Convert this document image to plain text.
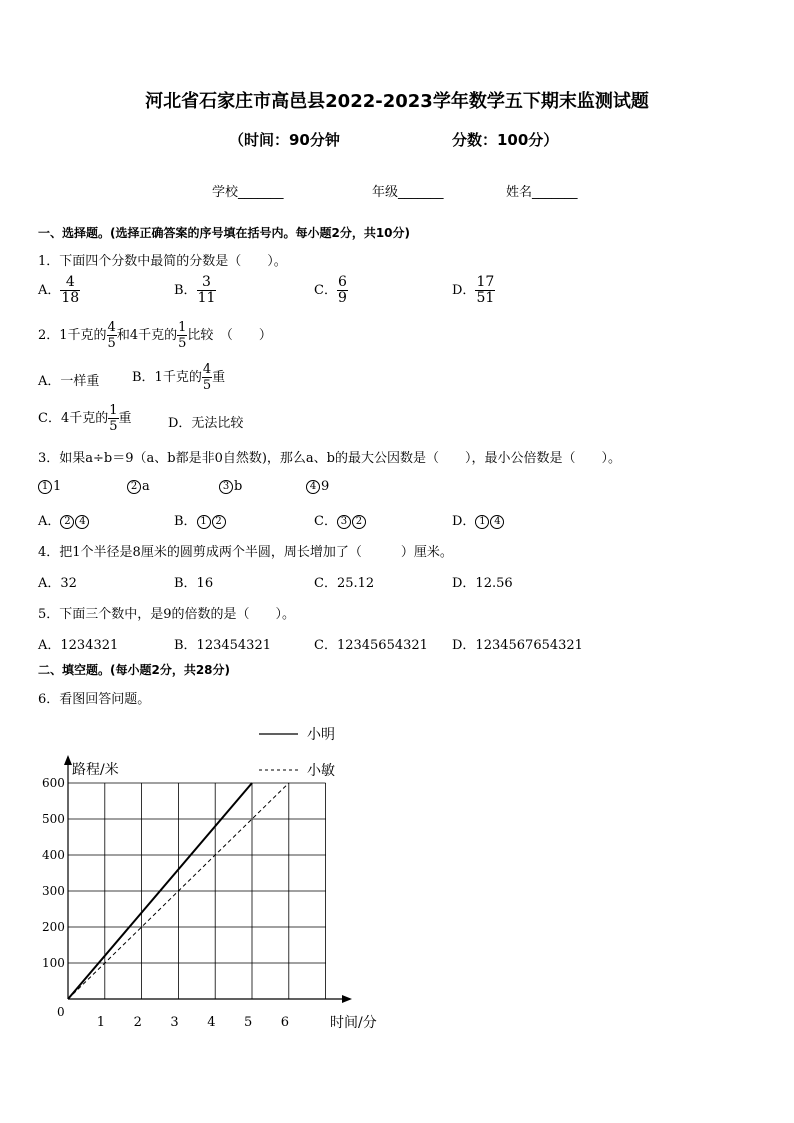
河北省石家庄市高邑县2022-2023学年数学五下期末监测试题
（时间：90分钟	分数：100分）
学校_______	年级_______	姓名_______
一、选择题。(选择正确答案的序号填在括号内。每小题2分，共10分)
1．下面四个分数中最简的分数是（　　）。
A． $\frac{4}{18}$	B． $\frac{3}{11}$	C． $\frac{6}{9}$	D． $\frac{17}{51}$
2．1千克的 $\frac{4}{5}$ 和4千克的 $\frac{1}{5}$ 比较　（　　）
A．一样重	B．1千克的 $\frac{4}{5}$ 重
C．4千克的 $\frac{1}{5}$ 重	D．无法比较
3．如果a÷b＝9（a、b都是非0自然数)，那么a、b的最大公因数是（　　），最小公倍数是（　　）。
1 1	2 a	3 b	4 9
A． 2 4	B． 1 2	C． 3 2	D． 1 4
4．把1个半径是8厘米的圆剪成两个半圆，周长增加了（　　　）厘米。
A．32	B．16	C．25.12	D．12.56
5．下面三个数中，是9的倍数的是（　　）。
A．1234321	B．123454321	C．12345654321 D．1234567654321
二、填空题。(每小题2分，共28分)
6．看图回答问题。
1 2 3 4 5 6
100
200
300
400
500
600
0
路程/米
时间/分
小明
小敏
